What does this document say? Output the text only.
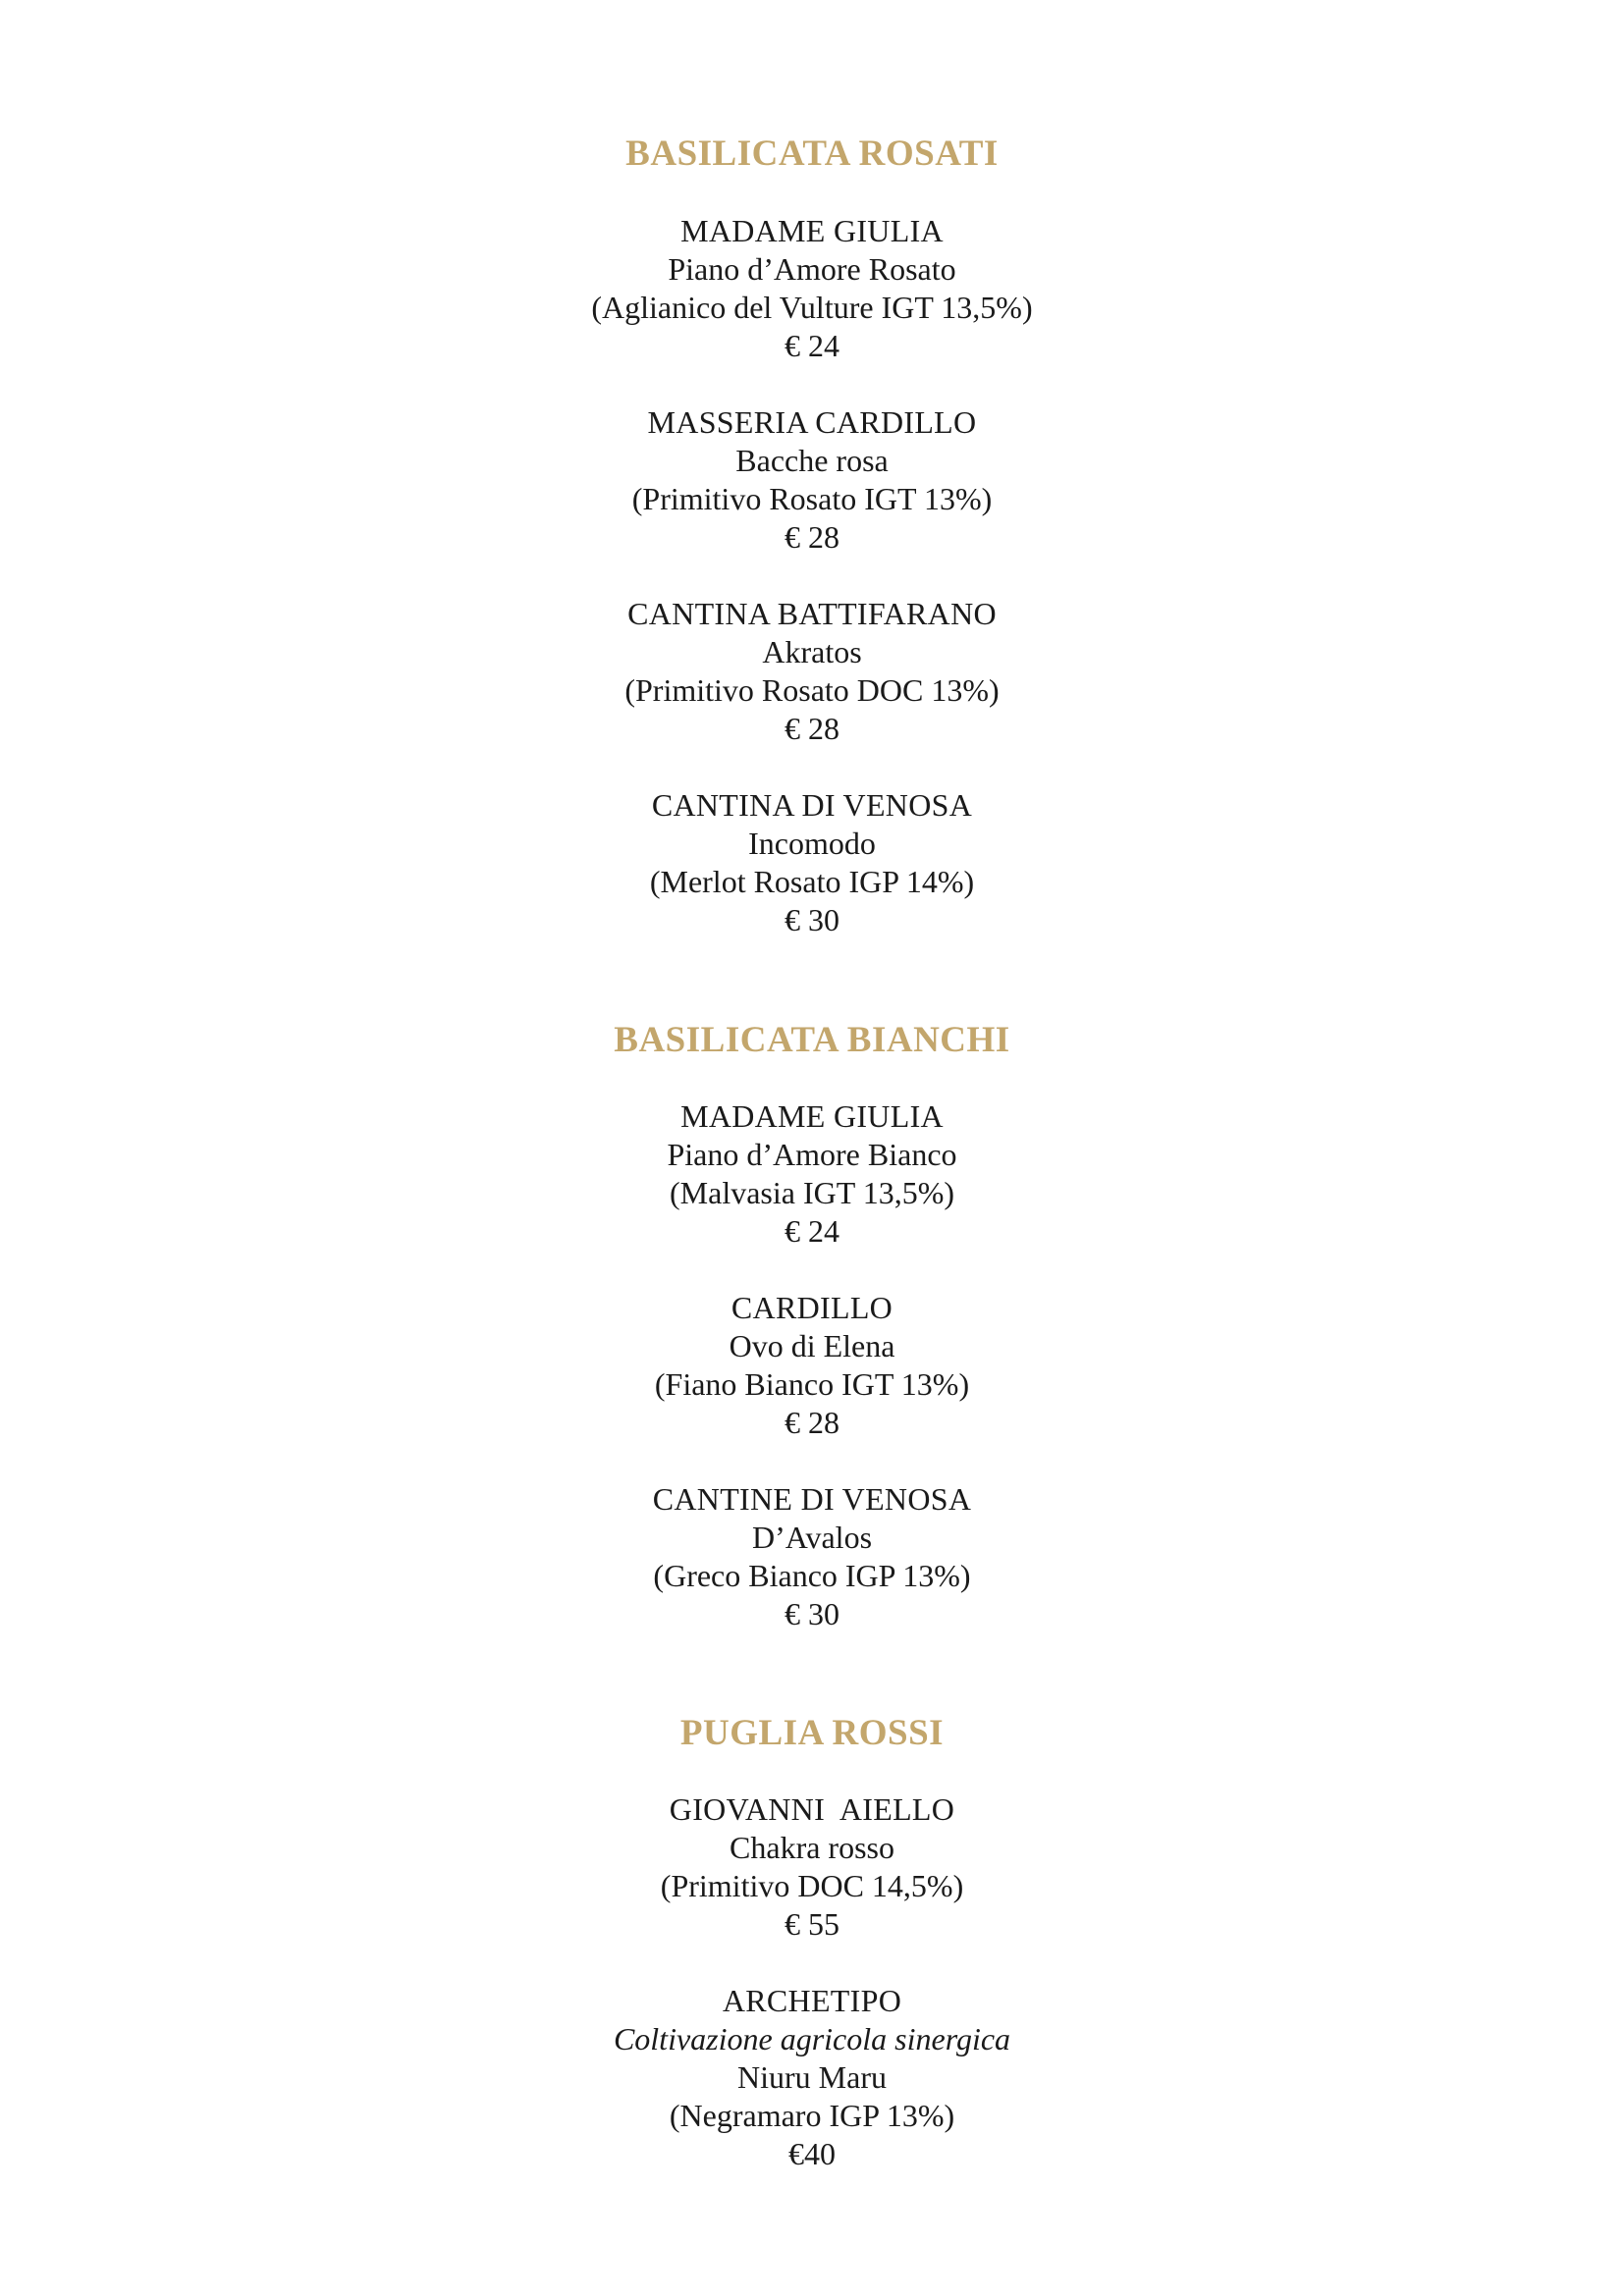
BASILICATA ROSATI
MADAME GIULIA
Piano d’Amore Rosato
(Aglianico del Vulture IGT 13,5%)
€ 24
MASSERIA CARDILLO
Bacche rosa
(Primitivo Rosato IGT 13%)
€ 28
CANTINA BATTIFARANO
Akratos
(Primitivo Rosato DOC 13%)
€ 28
CANTINA DI VENOSA
Incomodo
(Merlot Rosato IGP 14%)
€ 30
BASILICATA BIANCHI
MADAME GIULIA
Piano d’Amore Bianco
(Malvasia IGT 13,5%)
€ 24
CARDILLO
Ovo di Elena
(Fiano Bianco IGT 13%)
€ 28
CANTINE DI VENOSA
D’Avalos
(Greco Bianco IGP 13%)
€ 30
PUGLIA ROSSI
GIOVANNI  AIELLO
Chakra rosso
(Primitivo DOC 14,5%)
€ 55
ARCHETIPO
Coltivazione agricola sinergica
Niuru Maru
(Negramaro IGP 13%)
€40
